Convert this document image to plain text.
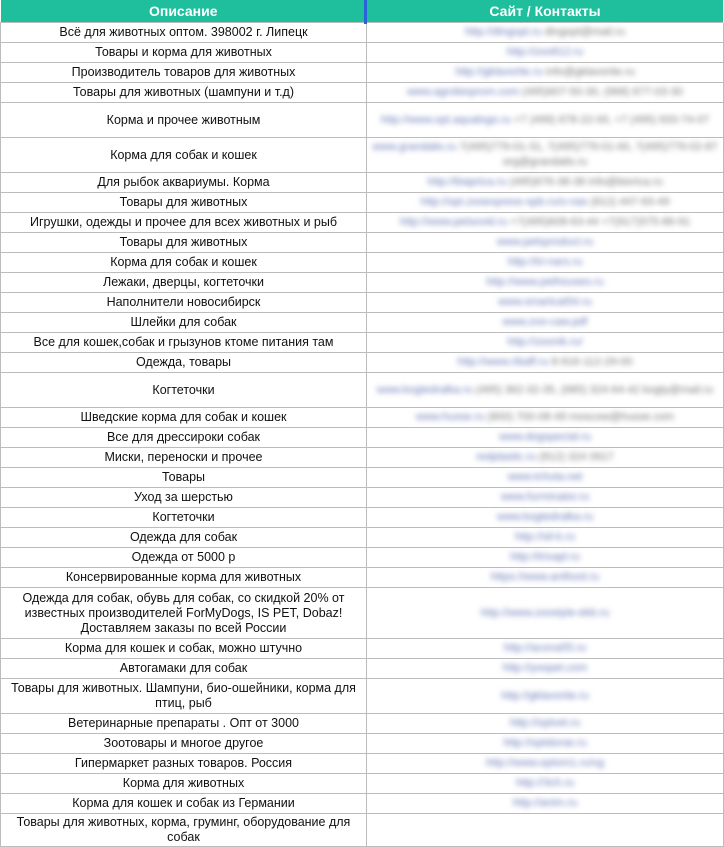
Описание	Сайт / Контакты
Всё для животных оптом. 398002 г. Липецк	http://dingopt.ru dingopt@mail.ru
Товары и корма для животных	http://zoo812.ru
Производитель товаров для животных	http://gklavorite.ru info@gklavorite.ru
Товары для животных (шампуни и т.д)	www.agrobioprom.com (495)607-50-30, (968) 677-03-30
Корма и прочее животным	http://www.opt.aqualogo.ru +7 (499) 678-22-00, +7 (495) 933-74-07
Корма для собак и кошек	www.grandalis.ru 7(495)779-01-31, 7(495)779-01-00, 7(495)779-02-87 org@grandalis.ru
Для рыбок аквариумы. Корма	http://biaprica.ru (495)676-38-38 info@biorica.ru
Товары для животных	http://opt.zooexpress-spb.ru/o-nas (812) 447-93-49
Игрушки, одежды и прочее для всех животных и рыб	http://www.petsovid.ru +7(495)608-63-44 +7(917)575-86-91
Товары для животных	www.petsproduct.ru
Корма для собак и кошек	http://tri-nars.ru
Лежаки, дверцы, когтеточки	http://www.pethouses.ru
Наполнители новосибирск	www.smartcat54.ru
Шлейки для собак	www.zoo-caw.pdf
Все для кошек,собак и грызунов ктоме питания там	http://zoonik.ru/
Одежда, товары	http://www.ribaff.ru 8-916-112-29-00
Когтеточки	www.kogtedralka.ru (495) 362-32-35, (985) 324-64-42 kogty@mail.ru
Шведские корма для собак и кошек	www.husse.ru (800) 700-08-49 moscow@husse.com
Все для дрессироки собак	www.dogspecial.ru
Миски, переноски и прочее	redplastic.ru (812) 324 0917
Товары	www.tchuta.net
Уход за шерстью	www.furminator.ru
Когтеточки	www.kogtedralka.ru
Одежда для собак	http://sil-k.ru
Одежда от 5000 р	http://trixapl.ru
Консервированные корма для животных	https://www.anifood.ru
Одежда для собак, обувь для собак, со скидкой 20% от известных производителей ForMyDogs, IS PET, Dobaz! Доставляем заказы по всей России	http://www.zoostyle-ekb.ru
Корма для кошек и собак, можно штучно	http://acona55.ru
Автогамаки для собак	http://yoopet.com
Товары для животных. Шампуни, био-ошейники, корма для птиц, рыб	http://gklavorite.ru
Ветеринарные препараты . Опт от 3000	http://optvet.ru
Зоотовары и многое другое	http://optdonar.ru
Гипермаркет разных товаров. Россия	http://www.optom1.ru/vg
Корма для животных	http://3ch.ru
Корма для кошек и собак из Германии	http://anim.ru
Товары для животных, корма, груминг, оборудование для собак	
